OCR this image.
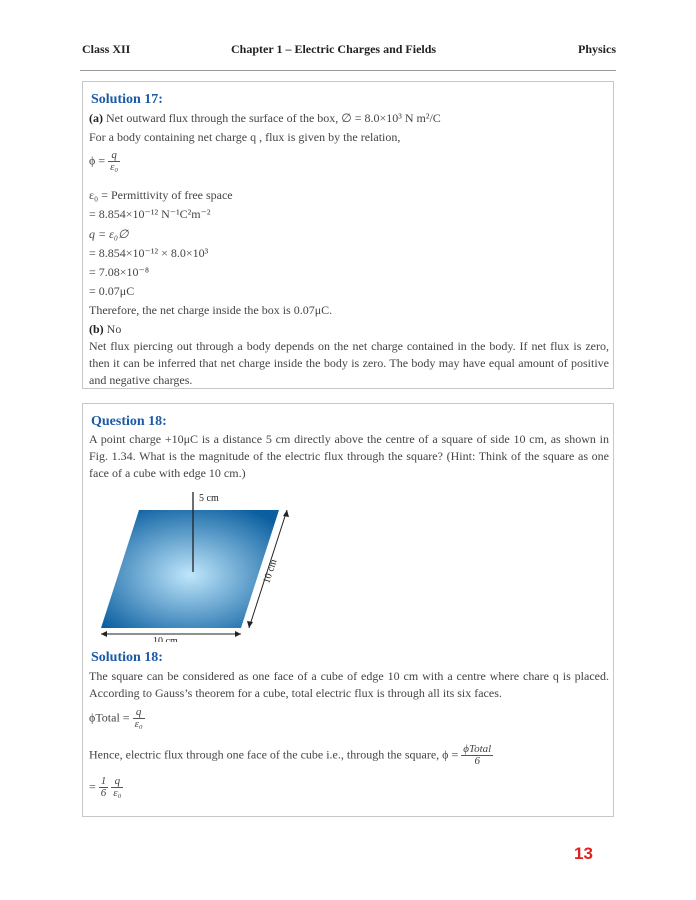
Class XII	Chapter 1 – Electric Charges and Fields	Physics
Solution 17:
(a) Net outward flux through the surface of the box, ∅ = 8.0×10³ N m²/C
For a body containing net charge q , flux is given by the relation,
$\phi = \frac{q}{\text{ε₀}}$
ε₀ = Permittivity of free space
= 8.854×10⁻¹² N⁻¹C²m⁻²
q = ε₀∅
= 8.854×10⁻¹² × 8.0×10³
= 7.08×10⁻⁸
= 0.07μC
Therefore, the net charge inside the box is 0.07μC.
(b) No
Net flux piercing out through a body depends on the net charge contained in the body. If net flux is zero, then it can be inferred that net charge inside the body is zero. The body may have equal amount of positive and negative charges.
Question 18:
A point charge +10μC is a distance 5 cm directly above the centre of a square of side 10 cm, as shown in Fig. 1.34. What is the magnitude of the electric flux through the square? (Hint: Think of the square as one face of a cube with edge 10 cm.)
5 cm
10 cm
10 cm
Solution 18:
The square can be considered as one face of a cube of edge 10 cm with a centre where chare q is placed. According to Gauss’s theorem for a cube, total electric flux is through all its six faces.
ϕTotal = $\frac{q}{\text{ε₀}}$
Hence, electric flux through one face of the cube i.e., through the square, $\phi = \frac{\text{ϕTotal}}{6}$
= $\frac{1}{6}$
$\frac{q}{\text{ε₀}}$
13
